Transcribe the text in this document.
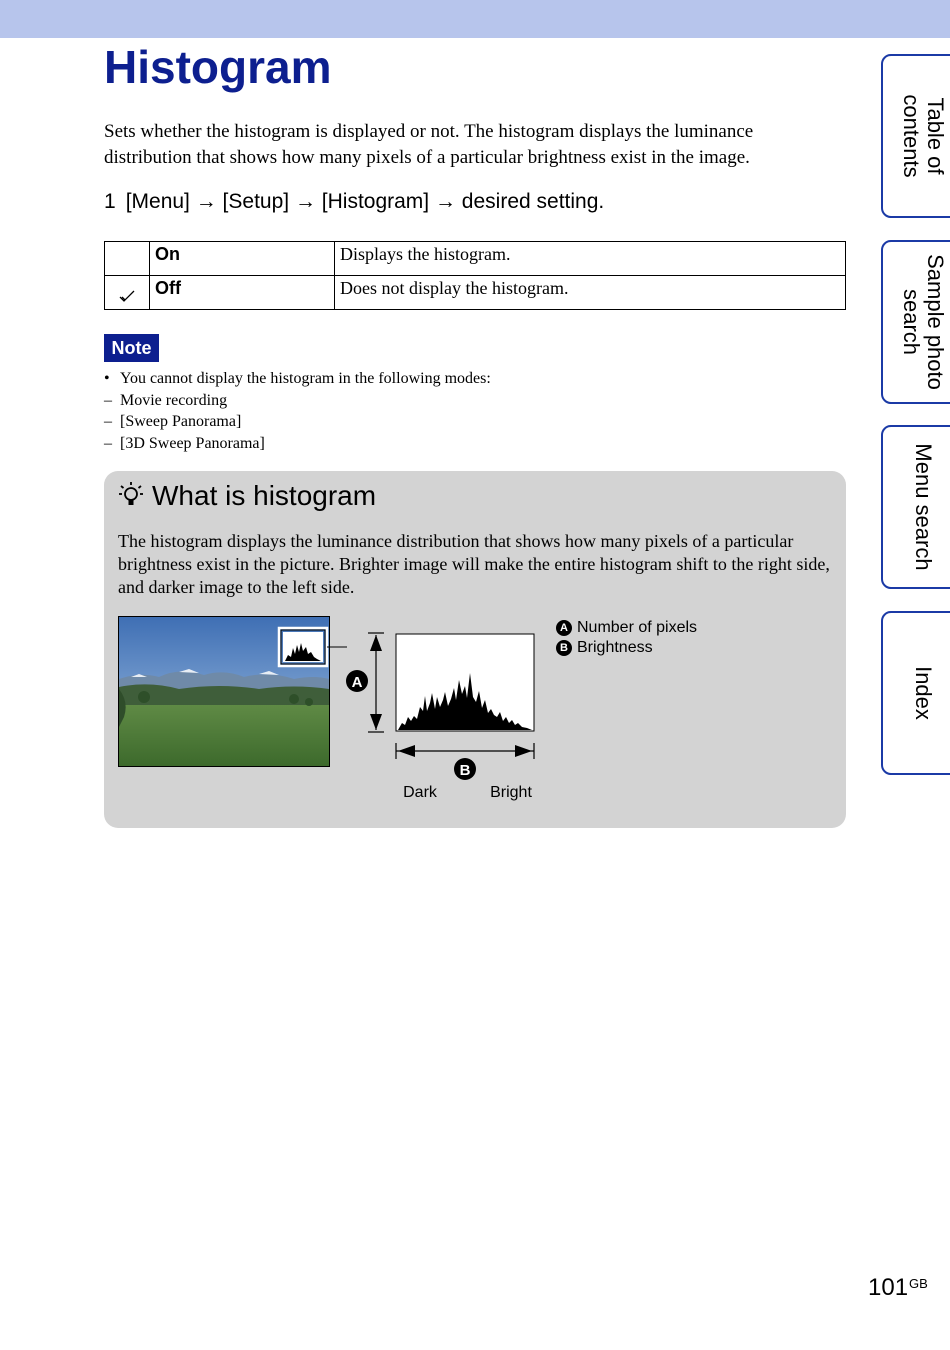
Histogram

Sets whether the histogram is displayed or not. The histogram displays the luminance distribution that shows how many pixels of a particular brightness exist in the image.

1 [Menu] → [Setup] → [Histogram] → desired setting.
	On	Displays the histogram.

	Off	Does not display the histogram.
Note
• You cannot display the histogram in the following modes:
– Movie recording
– [Sweep Panorama]
– [3D Sweep Panorama]
What is histogram

The histogram displays the luminance distribution that shows how many pixels of a particular brightness exist in the picture. Brighter image will make the entire histogram shift to the right side, and darker image to the left side.

A
B
Dark	Bright
A Number of pixels
B Brightness
Table of
contents
Sample photo
search
Menu search
Index
$101^{GB}$
